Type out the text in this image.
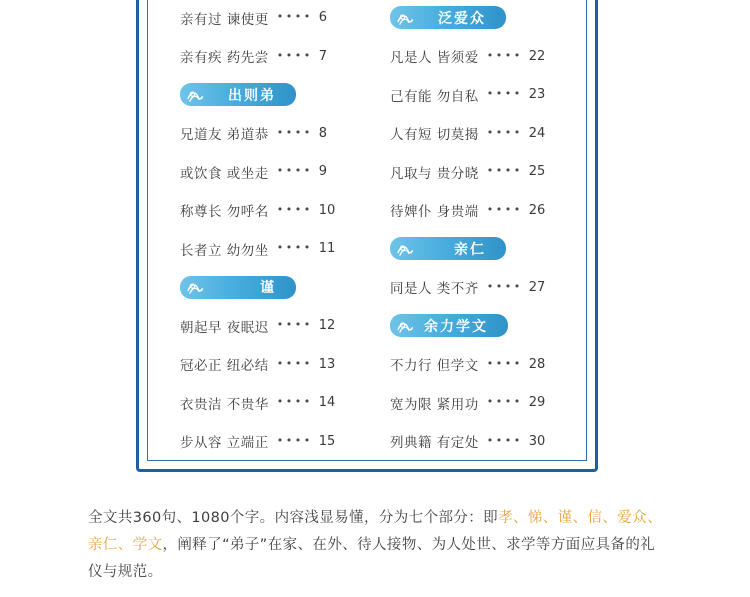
亲有过 谏使更 •••• 6
亲有疾 药先尝 •••• 7
出则弟
兄道友 弟道恭 •••• 8
或饮食 或坐走 •••• 9
称尊长 勿呼名 •••• 10
长者立 幼勿坐 •••• 11
谨
朝起早 夜眠迟 •••• 12
冠必正 纽必结 •••• 13
衣贵洁 不贵华 •••• 14
步从容 立端正 •••• 15
泛爱众
凡是人 皆须爱 •••• 22
己有能 勿自私 •••• 23
人有短 切莫揭 •••• 24
凡取与 贵分晓 •••• 25
待婢仆 身贵端 •••• 26
亲仁
同是人 类不齐 •••• 27
余力学文
不力行 但学文 •••• 28
宽为限 紧用功 •••• 29
列典籍 有定处 •••• 30
全文共360句、1080个字。内容浅显易懂，分为七个部分：即孝、悌、谨、信、爱众、亲仁、学文，阐释了“弟子”在家、在外、待人接物、为人处世、求学等方面应具备的礼仪与规范。
